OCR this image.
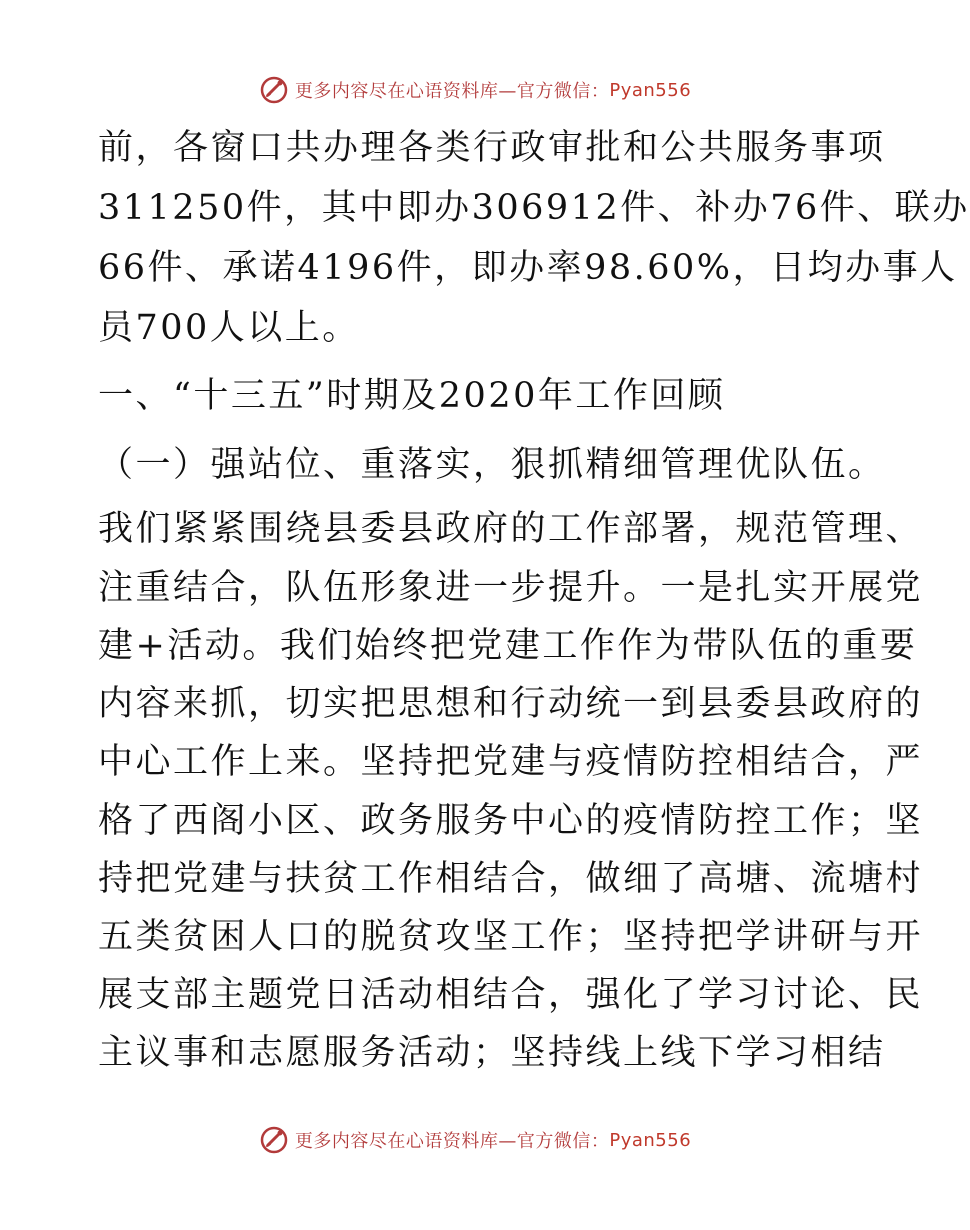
更多内容尽在心语资料库—官方微信： Pyan556
前，各窗口共办理各类行政审批和公共服务事项
311250件，其中即办306912件、补办76件、联办
66件、承诺4196件，即办率98.60%，日均办事人
员700人以上。
一、“十三五”时期及2020年工作回顾
（一）强站位、重落实，狠抓精细管理优队伍。
我们紧紧围绕县委县政府的工作部署，规范管理、
注重结合，队伍形象进一步提升。一是扎实开展党
建+活动。我们始终把党建工作作为带队伍的重要
内容来抓，切实把思想和行动统一到县委县政府的
中心工作上来。坚持把党建与疫情防控相结合，严
格了西阁小区、政务服务中心的疫情防控工作；坚
持把党建与扶贫工作相结合，做细了高塘、流塘村
五类贫困人口的脱贫攻坚工作；坚持把学讲研与开
展支部主题党日活动相结合，强化了学习讨论、民
主议事和志愿服务活动；坚持线上线下学习相结
更多内容尽在心语资料库—官方微信： Pyan556
